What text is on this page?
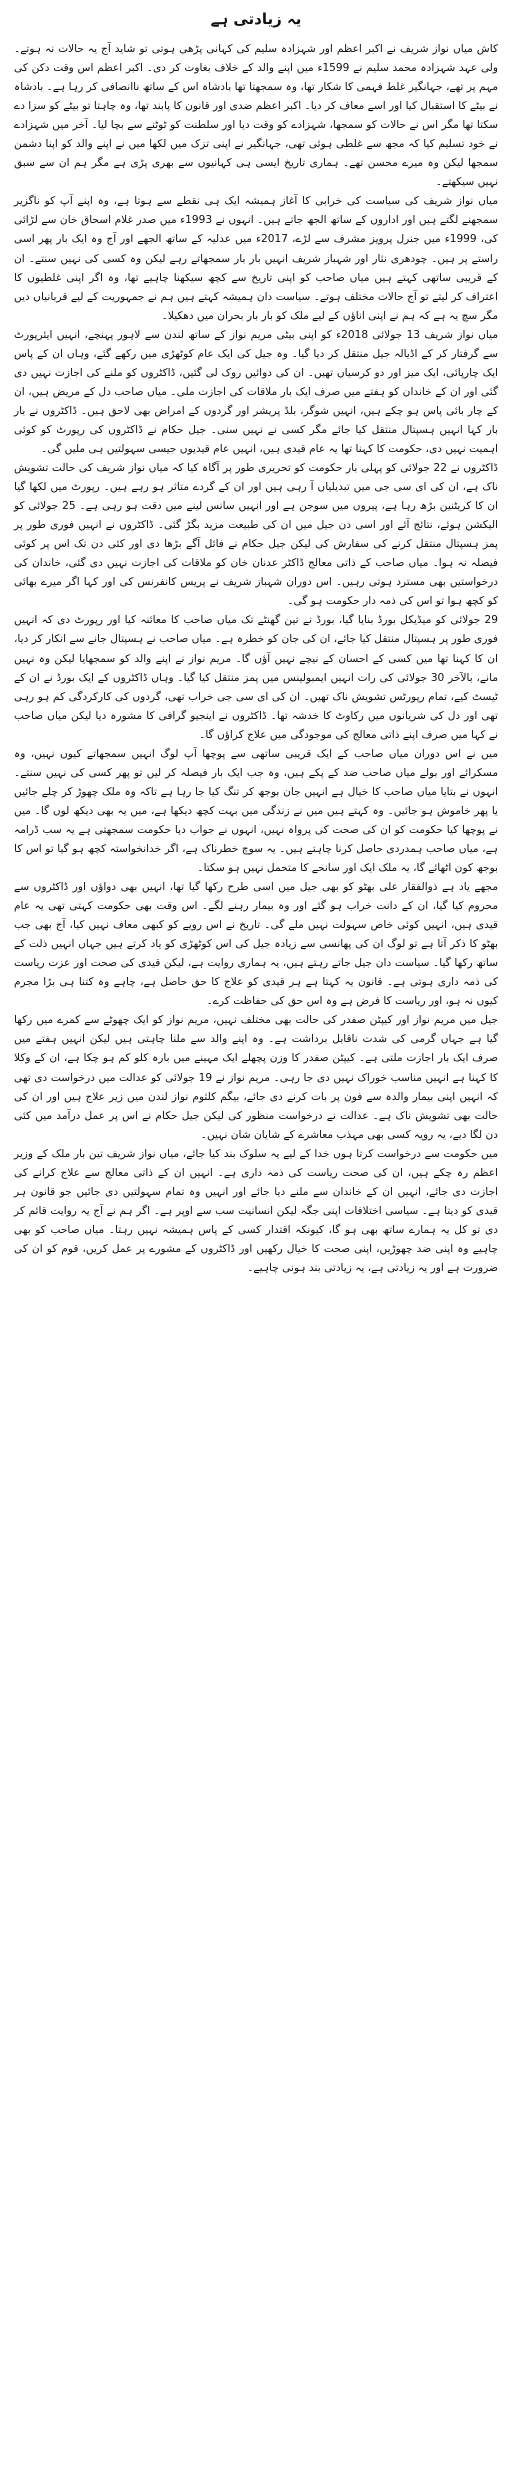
یہ زیادتی ہے

کاش میاں نواز شریف نے اکبر اعظم اور شہزادہ سلیم کی کہانی پڑھی ہوتی تو شاید آج یہ حالات نہ ہوتے۔ ولی عہد شہزادہ محمد سلیم نے 1599ء میں اپنے والد کے خلاف بغاوت کر دی۔ اکبر اعظم اس وقت دکن کی مہم پر تھے، جہانگیر غلط فہمی کا شکار تھا، وہ سمجھتا تھا بادشاہ اس کے ساتھ ناانصافی کر رہا ہے۔ بادشاہ نے بیٹے کا استقبال کیا اور اسے معاف کر دیا۔ اکبر اعظم ضدی اور قانون کا پابند تھا، وہ چاہتا تو بیٹے کو سزا دے سکتا تھا مگر اس نے حالات کو سمجھا، شہزادے کو وقت دیا اور سلطنت کو ٹوٹنے سے بچا لیا۔ آخر میں شہزادے نے خود تسلیم کیا کہ مجھ سے غلطی ہوئی تھی، جہانگیر نے اپنی تزک میں لکھا میں نے اپنے والد کو اپنا دشمن سمجھا لیکن وہ میرے محسن تھے۔ ہماری تاریخ ایسی ہی کہانیوں سے بھری پڑی ہے مگر ہم ان سے سبق نہیں سیکھتے۔

میاں نواز شریف کی سیاست کی خرابی کا آغاز ہمیشہ ایک ہی نقطے سے ہوتا ہے، وہ اپنے آپ کو ناگزیر سمجھنے لگتے ہیں اور اداروں کے ساتھ الجھ جاتے ہیں۔ انہوں نے 1993ء میں صدر غلام اسحاق خان سے لڑائی کی، 1999ء میں جنرل پرویز مشرف سے لڑے، 2017ء میں عدلیہ کے ساتھ الجھے اور آج وہ ایک بار پھر اسی راستے پر ہیں۔ چودھری نثار اور شہباز شریف انہیں بار بار سمجھاتے رہے لیکن وہ کسی کی نہیں سنتے۔ ان کے قریبی ساتھی کہتے ہیں میاں صاحب کو اپنی تاریخ سے کچھ سیکھنا چاہیے تھا، وہ اگر اپنی غلطیوں کا اعتراف کر لیتے تو آج حالات مختلف ہوتے۔ سیاست دان ہمیشہ کہتے ہیں ہم نے جمہوریت کے لیے قربانیاں دیں مگر سچ یہ ہے کہ ہم نے اپنی اناؤں کے لیے ملک کو بار بار بحران میں دھکیلا۔

میاں نواز شریف 13 جولائی 2018ء کو اپنی بیٹی مریم نواز کے ساتھ لندن سے لاہور پہنچے، انہیں ایئرپورٹ سے گرفتار کر کے اڈیالہ جیل منتقل کر دیا گیا۔ وہ جیل کی ایک عام کوٹھڑی میں رکھے گئے، وہاں ان کے پاس ایک چارپائی، ایک میز اور دو کرسیاں تھیں۔ ان کی دوائیں روک لی گئیں، ڈاکٹروں کو ملنے کی اجازت نہیں دی گئی اور ان کے خاندان کو ہفتے میں صرف ایک بار ملاقات کی اجازت ملی۔ میاں صاحب دل کے مریض ہیں، ان کے چار بائی پاس ہو چکے ہیں، انہیں شوگر، بلڈ پریشر اور گردوں کے امراض بھی لاحق ہیں۔ ڈاکٹروں نے بار بار کہا انہیں ہسپتال منتقل کیا جائے مگر کسی نے نہیں سنی۔ جیل حکام نے ڈاکٹروں کی رپورٹ کو کوئی اہمیت نہیں دی، حکومت کا کہنا تھا یہ عام قیدی ہیں، انہیں عام قیدیوں جیسی سہولتیں ہی ملیں گی۔

ڈاکٹروں نے 22 جولائی کو پہلی بار حکومت کو تحریری طور پر آگاہ کیا کہ میاں نواز شریف کی حالت تشویش ناک ہے، ان کی ای سی جی میں تبدیلیاں آ رہی ہیں اور ان کے گردے متاثر ہو رہے ہیں۔ رپورٹ میں لکھا گیا ان کا کریٹنین بڑھ رہا ہے، پیروں میں سوجن ہے اور انہیں سانس لینے میں دقت ہو رہی ہے۔ 25 جولائی کو الیکشن ہوئے، نتائج آئے اور اسی دن جیل میں ان کی طبیعت مزید بگڑ گئی۔ ڈاکٹروں نے انہیں فوری طور پر پمز ہسپتال منتقل کرنے کی سفارش کی لیکن جیل حکام نے فائل آگے بڑھا دی اور کئی دن تک اس پر کوئی فیصلہ نہ ہوا۔ میاں صاحب کے ذاتی معالج ڈاکٹر عدنان خان کو ملاقات کی اجازت نہیں دی گئی، خاندان کی درخواستیں بھی مسترد ہوتی رہیں۔ اس دوران شہباز شریف نے پریس کانفرنس کی اور کہا اگر میرے بھائی کو کچھ ہوا تو اس کی ذمہ دار حکومت ہو گی۔

29 جولائی کو میڈیکل بورڈ بنایا گیا، بورڈ نے تین گھنٹے تک میاں صاحب کا معائنہ کیا اور رپورٹ دی کہ انہیں فوری طور پر ہسپتال منتقل کیا جائے، ان کی جان کو خطرہ ہے۔ میاں صاحب نے ہسپتال جانے سے انکار کر دیا، ان کا کہنا تھا میں کسی کے احسان کے نیچے نہیں آؤں گا۔ مریم نواز نے اپنے والد کو سمجھایا لیکن وہ نہیں مانے، بالآخر 30 جولائی کی رات انہیں ایمبولینس میں پمز منتقل کیا گیا۔ وہاں ڈاکٹروں کے ایک بورڈ نے ان کے ٹیسٹ کیے، تمام رپورٹس تشویش ناک تھیں۔ ان کی ای سی جی خراب تھی، گردوں کی کارکردگی کم ہو رہی تھی اور دل کی شریانوں میں رکاوٹ کا خدشہ تھا۔ ڈاکٹروں نے اینجیو گرافی کا مشورہ دیا لیکن میاں صاحب نے کہا میں صرف اپنے ذاتی معالج کی موجودگی میں علاج کراؤں گا۔

میں نے اس دوران میاں صاحب کے ایک قریبی ساتھی سے پوچھا آپ لوگ انہیں سمجھاتے کیوں نہیں، وہ مسکرائے اور بولے میاں صاحب ضد کے پکے ہیں، وہ جب ایک بار فیصلہ کر لیں تو پھر کسی کی نہیں سنتے۔ انہوں نے بتایا میاں صاحب کا خیال ہے انہیں جان بوجھ کر تنگ کیا جا رہا ہے تاکہ وہ ملک چھوڑ کر چلے جائیں یا پھر خاموش ہو جائیں۔ وہ کہتے ہیں میں نے زندگی میں بہت کچھ دیکھا ہے، میں یہ بھی دیکھ لوں گا۔ میں نے پوچھا کیا حکومت کو ان کی صحت کی پرواہ نہیں، انہوں نے جواب دیا حکومت سمجھتی ہے یہ سب ڈرامہ ہے، میاں صاحب ہمدردی حاصل کرنا چاہتے ہیں۔ یہ سوچ خطرناک ہے، اگر خدانخواستہ کچھ ہو گیا تو اس کا بوجھ کون اٹھائے گا، یہ ملک ایک اور سانحے کا متحمل نہیں ہو سکتا۔

مجھے یاد ہے ذوالفقار علی بھٹو کو بھی جیل میں اسی طرح رکھا گیا تھا، انہیں بھی دواؤں اور ڈاکٹروں سے محروم کیا گیا، ان کے دانت خراب ہو گئے اور وہ بیمار رہنے لگے۔ اس وقت بھی حکومت کہتی تھی یہ عام قیدی ہیں، انہیں کوئی خاص سہولت نہیں ملے گی۔ تاریخ نے اس رویے کو کبھی معاف نہیں کیا، آج بھی جب بھٹو کا ذکر آتا ہے تو لوگ ان کی پھانسی سے زیادہ جیل کی اس کوٹھڑی کو یاد کرتے ہیں جہاں انہیں ذلت کے ساتھ رکھا گیا۔ سیاست دان جیل جاتے رہتے ہیں، یہ ہماری روایت ہے، لیکن قیدی کی صحت اور عزت ریاست کی ذمہ داری ہوتی ہے۔ قانون یہ کہتا ہے ہر قیدی کو علاج کا حق حاصل ہے، چاہے وہ کتنا ہی بڑا مجرم کیوں نہ ہو، اور ریاست کا فرض ہے وہ اس حق کی حفاظت کرے۔

جیل میں مریم نواز اور کیپٹن صفدر کی حالت بھی مختلف نہیں، مریم نواز کو ایک چھوٹے سے کمرے میں رکھا گیا ہے جہاں گرمی کی شدت ناقابل برداشت ہے۔ وہ اپنے والد سے ملنا چاہتی ہیں لیکن انہیں ہفتے میں صرف ایک بار اجازت ملتی ہے۔ کیپٹن صفدر کا وزن پچھلے ایک مہینے میں بارہ کلو کم ہو چکا ہے، ان کے وکلا کا کہنا ہے انہیں مناسب خوراک نہیں دی جا رہی۔ مریم نواز نے 19 جولائی کو عدالت میں درخواست دی تھی کہ انہیں اپنی بیمار والدہ سے فون پر بات کرنے دی جائے، بیگم کلثوم نواز لندن میں زیر علاج ہیں اور ان کی حالت بھی تشویش ناک ہے۔ عدالت نے درخواست منظور کی لیکن جیل حکام نے اس پر عمل درآمد میں کئی دن لگا دیے، یہ رویہ کسی بھی مہذب معاشرے کے شایان شان نہیں۔

میں حکومت سے درخواست کرتا ہوں خدا کے لیے یہ سلوک بند کیا جائے، میاں نواز شریف تین بار ملک کے وزیر اعظم رہ چکے ہیں، ان کی صحت ریاست کی ذمہ داری ہے۔ انہیں ان کے ذاتی معالج سے علاج کرانے کی اجازت دی جائے، انہیں ان کے خاندان سے ملنے دیا جائے اور انہیں وہ تمام سہولتیں دی جائیں جو قانون ہر قیدی کو دیتا ہے۔ سیاسی اختلافات اپنی جگہ لیکن انسانیت سب سے اوپر ہے۔ اگر ہم نے آج یہ روایت قائم کر دی تو کل یہ ہمارے ساتھ بھی ہو گا، کیونکہ اقتدار کسی کے پاس ہمیشہ نہیں رہتا۔ میاں صاحب کو بھی چاہیے وہ اپنی ضد چھوڑیں، اپنی صحت کا خیال رکھیں اور ڈاکٹروں کے مشورے پر عمل کریں، قوم کو ان کی ضرورت ہے اور یہ زیادتی ہے، یہ زیادتی بند ہونی چاہیے۔
